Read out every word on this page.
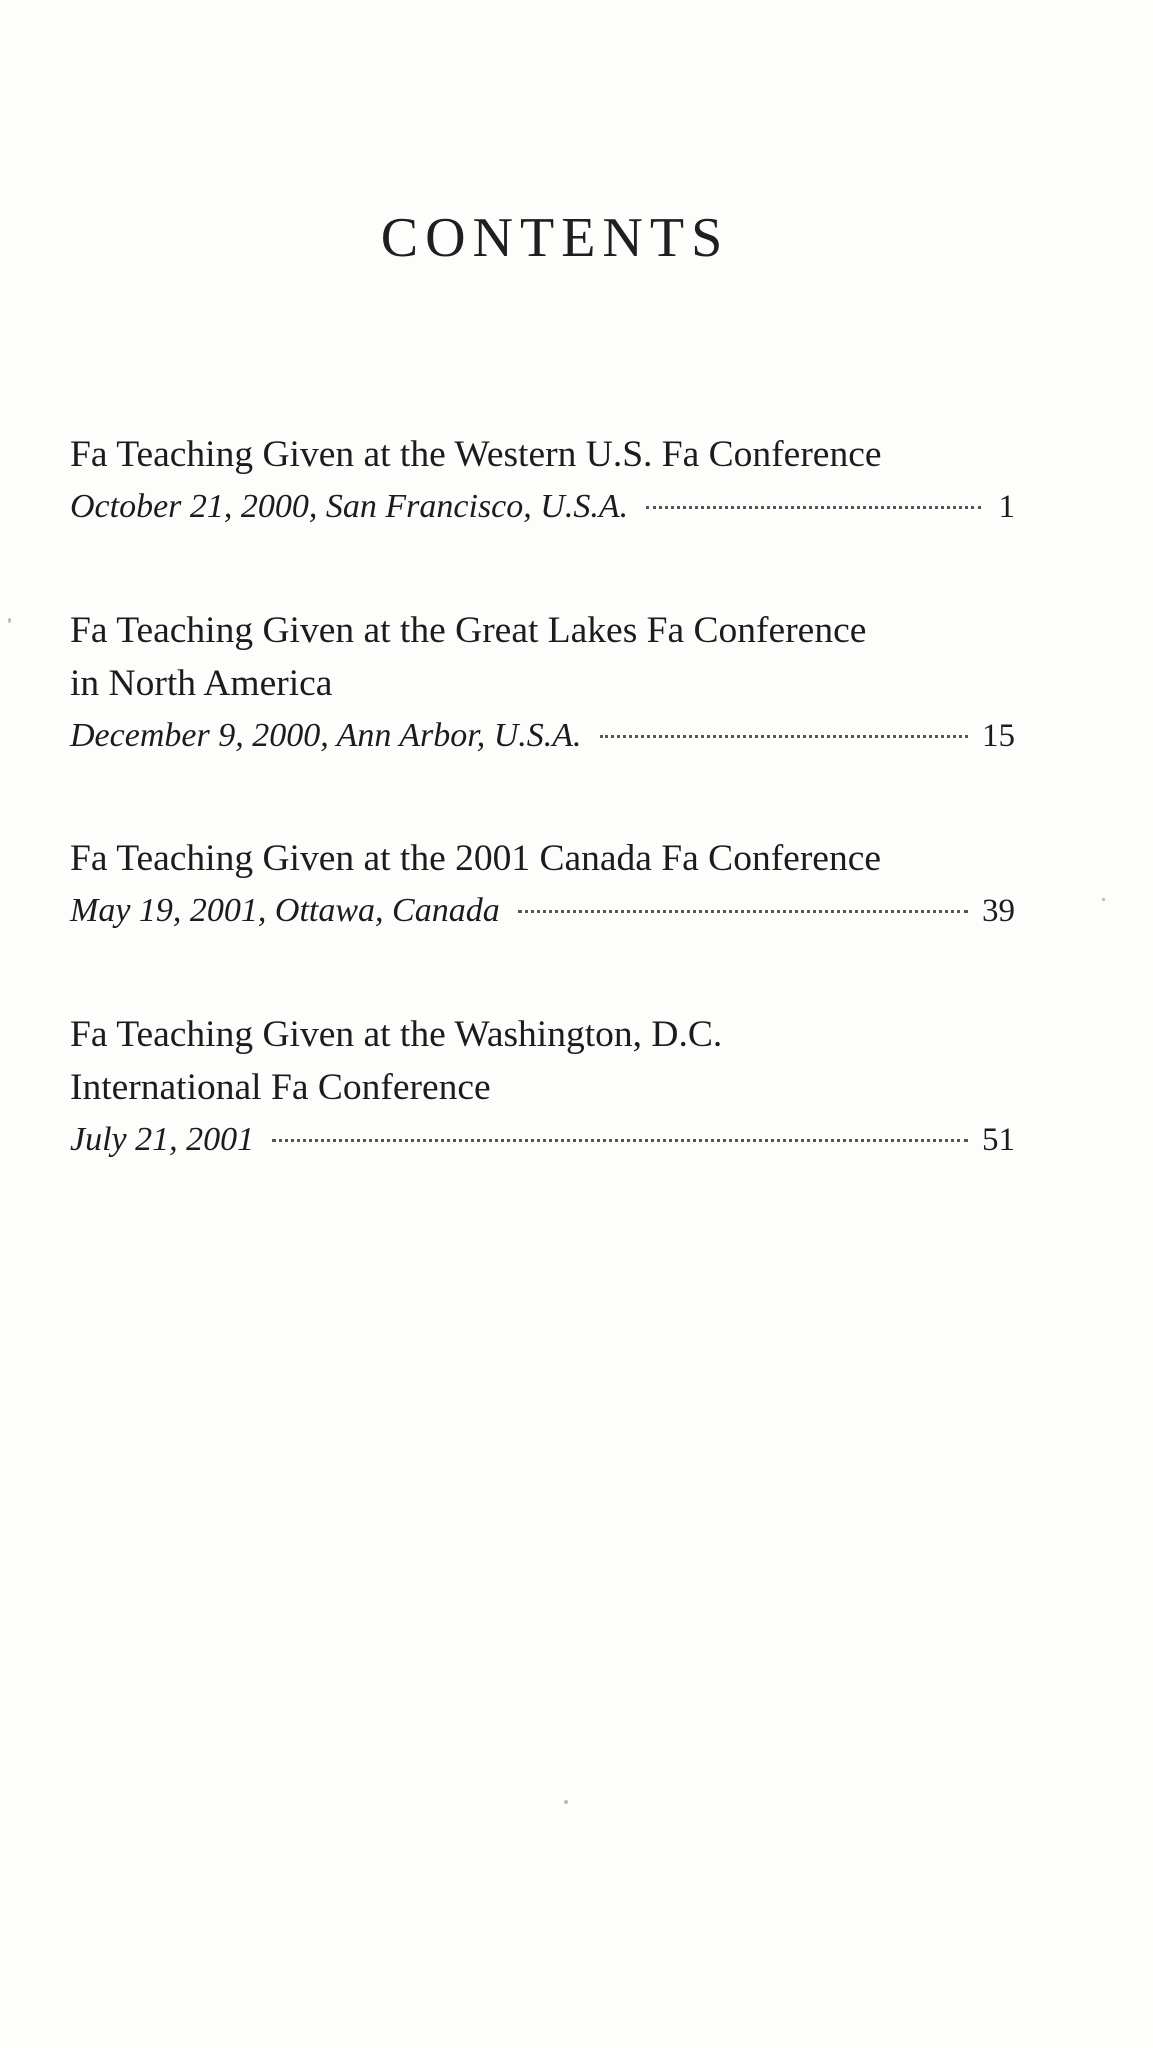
CONTENTS
Fa Teaching Given at the Western U.S. Fa Conference
October 21, 2000, San Francisco, U.S.A.	1
Fa Teaching Given at the Great Lakes Fa Conference
in North America
December 9, 2000, Ann Arbor, U.S.A.	15
Fa Teaching Given at the 2001 Canada Fa Conference
May 19, 2001, Ottawa, Canada	39
Fa Teaching Given at the Washington, D.C.
International Fa Conference
July 21, 2001	51
